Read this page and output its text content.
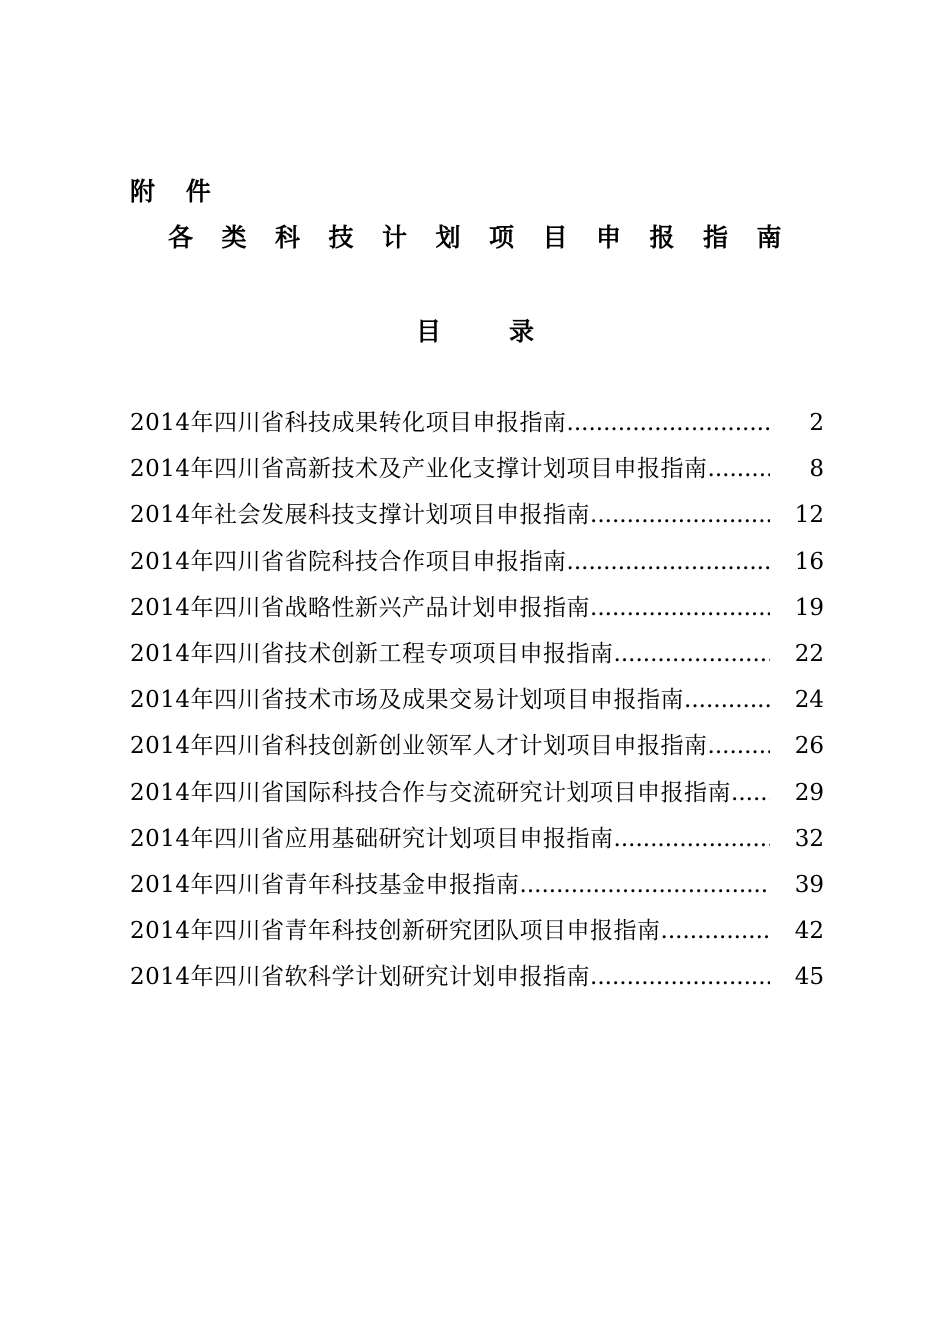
附 件

各类科技计划项目申报指南
目录
2014年四川省科技成果转化项目申报指南 .....	2
2014年四川省高新技术及产业化支撑计划项目申报指南 .....	8
2014年社会发展科技支撑计划项目申报指南 .....	12
2014年四川省省院科技合作项目申报指南 .....	16
2014年四川省战略性新兴产品计划申报指南 .....	19
2014年四川省技术创新工程专项项目申报指南 .....	22
2014年四川省技术市场及成果交易计划项目申报指南 .....	24
2014年四川省科技创新创业领军人才计划项目申报指南 .....	26
2014年四川省国际科技合作与交流研究计划项目申报指南 .....	29
2014年四川省应用基础研究计划项目申报指南 .....	32
2014年四川省青年科技基金申报指南 .....	39
2014年四川省青年科技创新研究团队项目申报指南 .....	42
2014年四川省软科学计划研究计划申报指南 .....	45
